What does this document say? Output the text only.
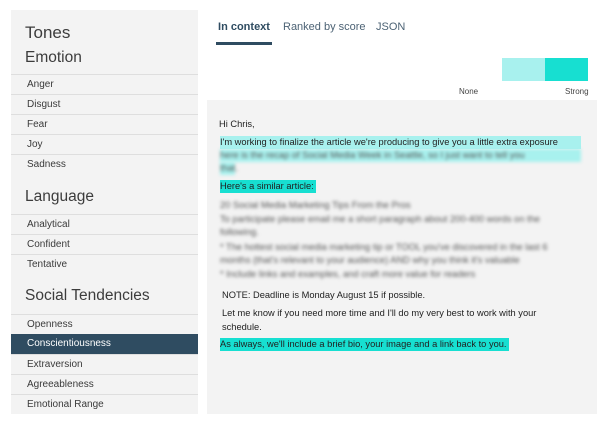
Tones
Emotion
Anger
Disgust
Fear
Joy
Sadness
Language
Analytical
Confident
Tentative
Social Tendencies
Openness
Conscientiousness
Extraversion
Agreeableness
Emotional Range
In context Ranked by score JSON
None	Strong
Hi Chris,
I'm working to finalize the article we're producing to give you a little extra exposure
here is the recap of Social Media Week in Seattle, so I just want to tell you
that.
Here's a similar article:
20 Social Media Marketing Tips From the Pros
To participate please email me a short paragraph about 200-400 words on the
following.
* The hottest social media marketing tip or TOOL you've discovered in the last 6
months (that's relevant to your audience) AND why you think it's valuable
* Include links and examples, and craft more value for readers
NOTE: Deadline is Monday August 15 if possible.
Let me know if you need more time and I'll do my very best to work with your
schedule.
As always, we'll include a brief bio, your image and a link back to you.
